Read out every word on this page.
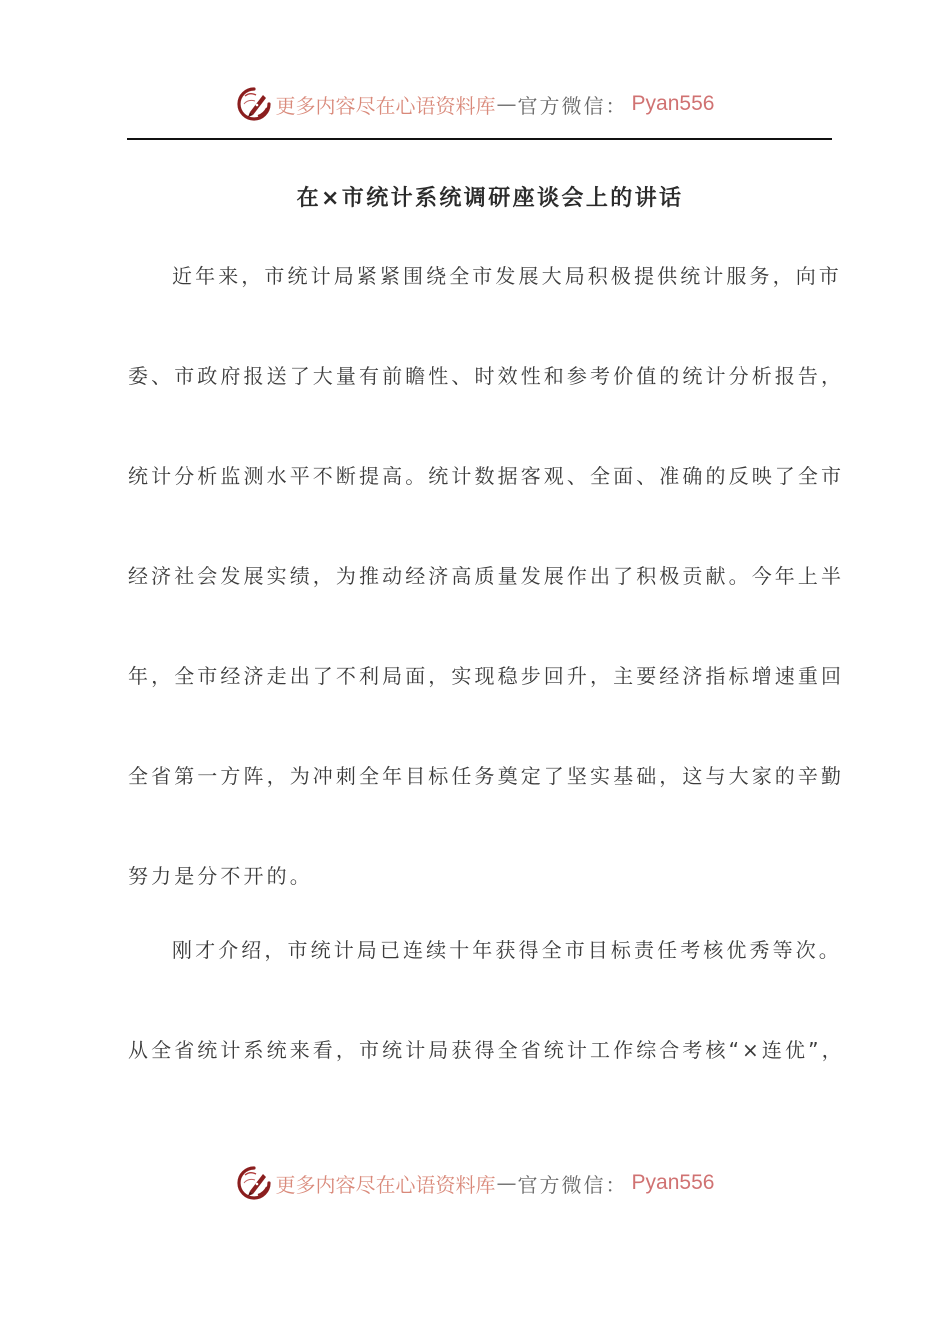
更多内容尽在心语资料库 — 官方微信： Pyan556
在×市统计系统调研座谈会上的讲话
近年来，市统计局紧紧围绕全市发展大局积极提供统计服务，向市
委、市政府报送了大量有前瞻性、时效性和参考价值的统计分析报告，
统计分析监测水平不断提高。统计数据客观、全面、准确的反映了全市
经济社会发展实绩，为推动经济高质量发展作出了积极贡献。今年上半
年，全市经济走出了不利局面，实现稳步回升，主要经济指标增速重回
全省第一方阵，为冲刺全年目标任务奠定了坚实基础，这与大家的辛勤
努力是分不开的。
刚才介绍，市统计局已连续十年获得全市目标责任考核优秀等次。
从全省统计系统来看，市统计局获得全省统计工作综合考核“×连优”，
更多内容尽在心语资料库 — 官方微信： Pyan556
